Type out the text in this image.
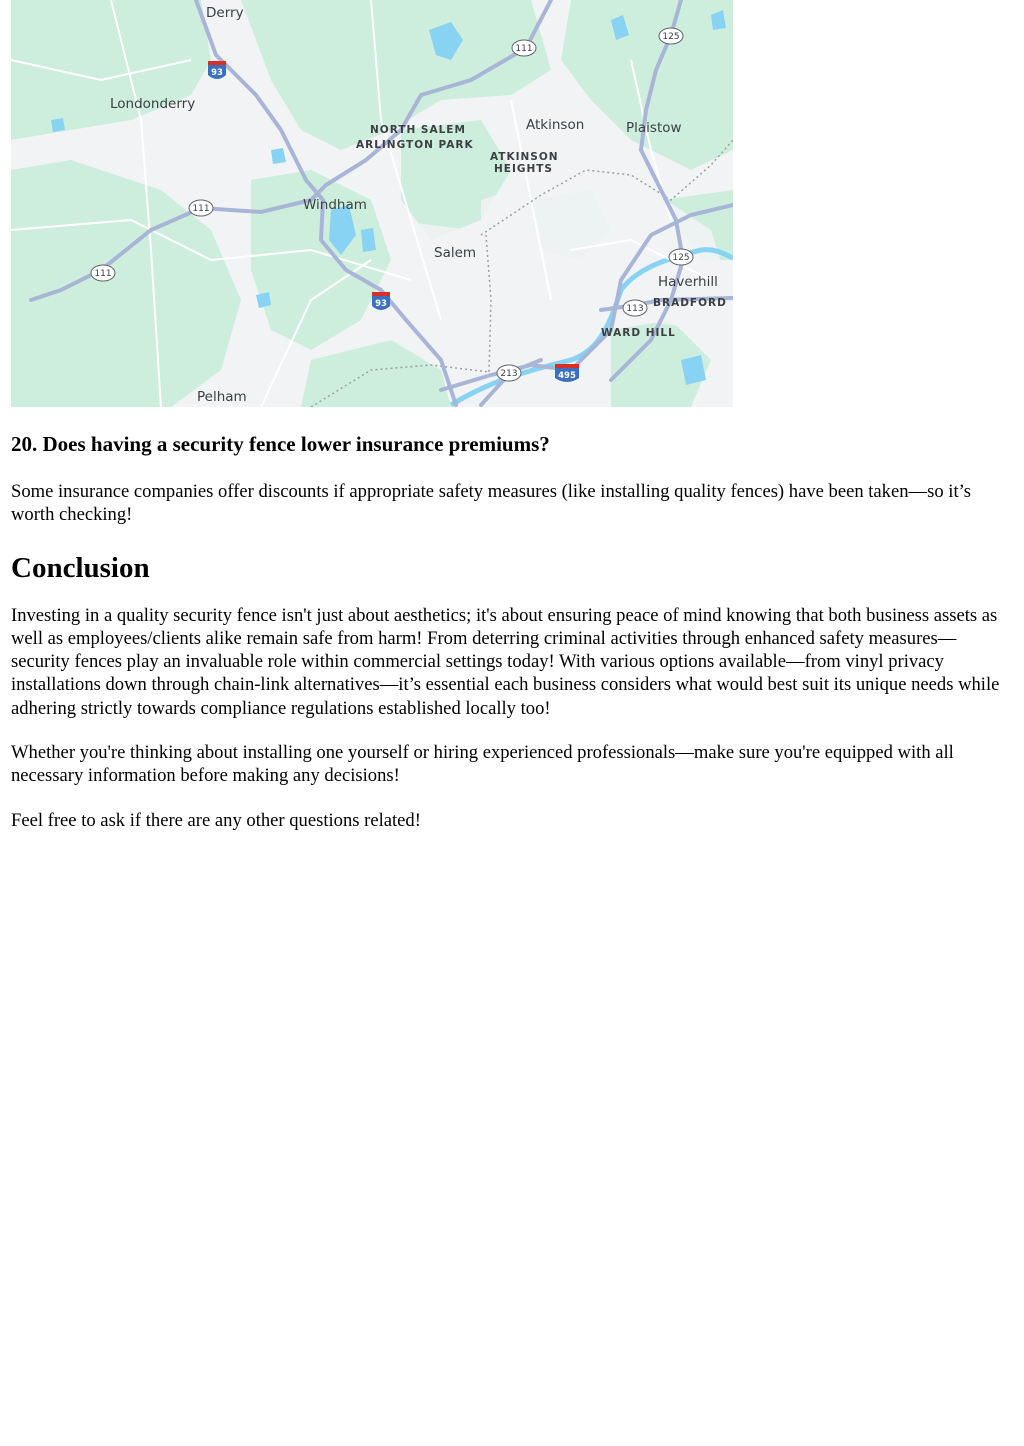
111
111
111
125
125
113
213
93
93
495
Derry
Londonderry
NORTH SALEM
ARLINGTON PARK
Atkinson	Plaistow
ATKINSON
HEIGHTS
Windham
Salem
Haverhill
BRADFORD
WARD HILL
Pelham
20. Does having a security fence lower insurance premiums?

Some insurance companies offer discounts if appropriate safety measures (like installing quality fences) have been taken—so it’s worth checking!

Conclusion

Investing in a quality security fence isn't just about aesthetics; it's about ensuring peace of mind knowing that both business assets as well as employees/clients alike remain safe from harm! From deterring criminal activities through enhanced safety measures—security fences play an invaluable role within commercial settings today! With various options available—from vinyl privacy installations down through chain-link alternatives—it’s essential each business considers what would best suit its unique needs while adhering strictly towards compliance regulations established locally too!

Whether you're thinking about installing one yourself or hiring experienced professionals—make sure you're equipped with all necessary information before making any decisions!

Feel free to ask if there are any other questions related!
